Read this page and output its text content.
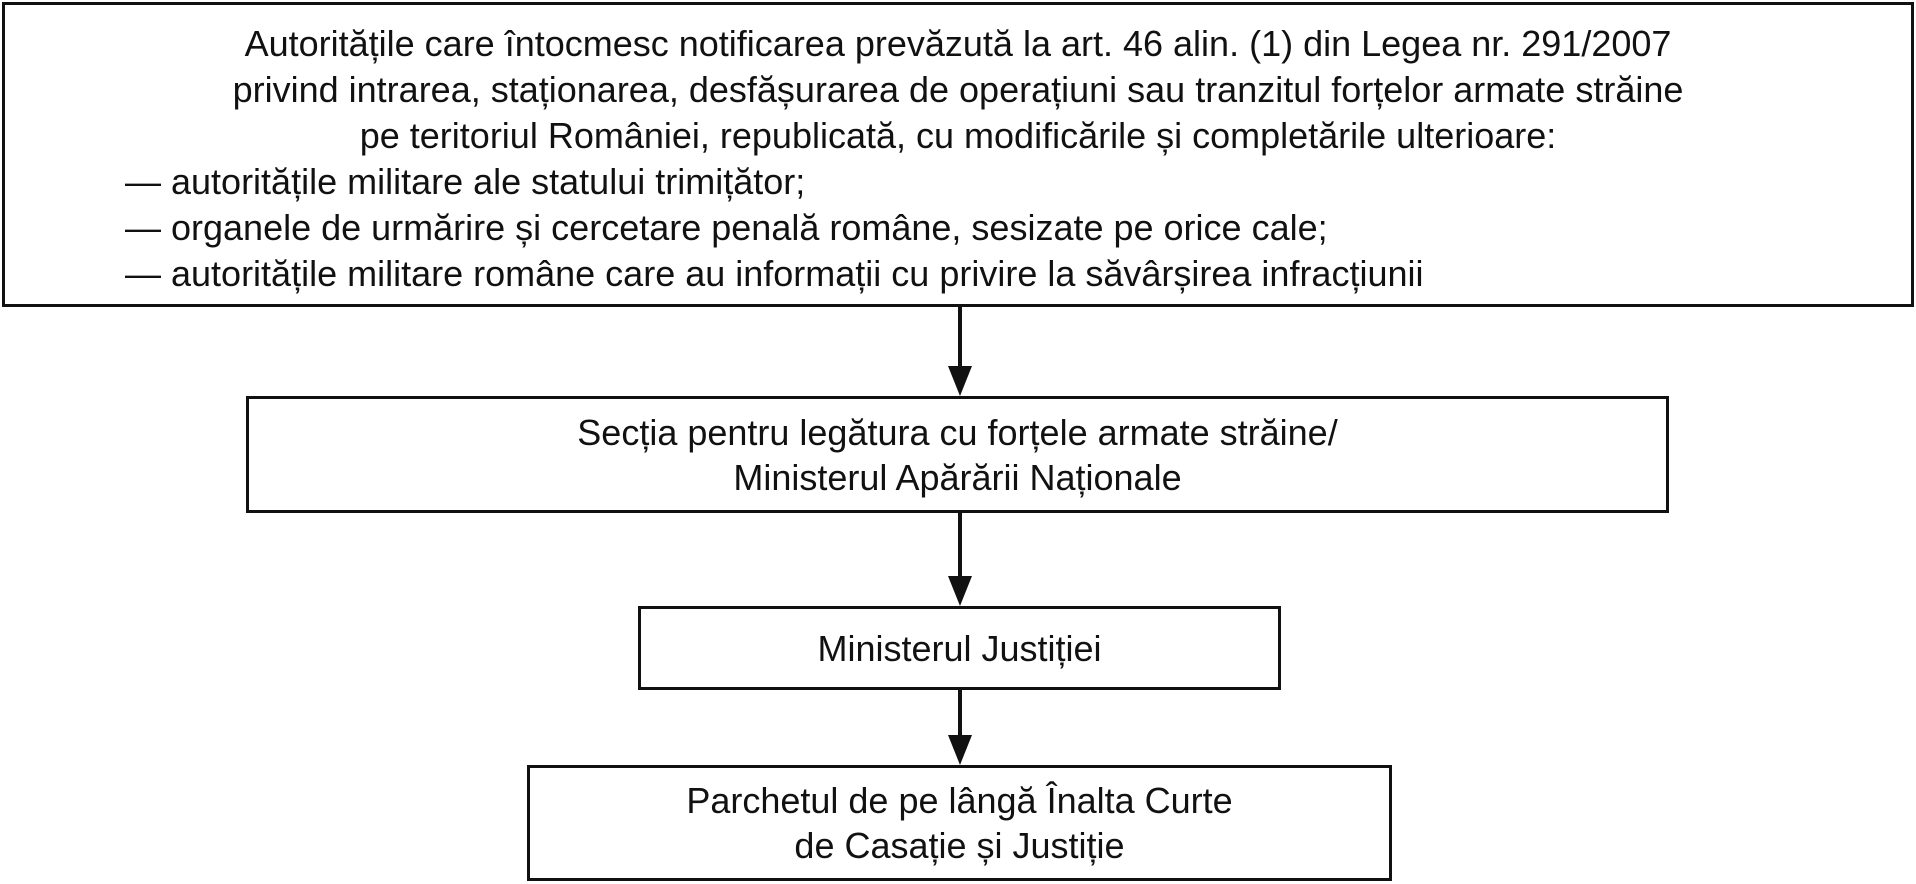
Autoritățile care întocmesc notificarea prevăzută la art. 46 alin. (1) din Legea nr. 291/2007
privind intrarea, staționarea, desfășurarea de operațiuni sau tranzitul forțelor armate străine
pe teritoriul României, republicată, cu modificările și completările ulterioare:
— autoritățile militare ale statului trimițător;
— organele de urmărire și cercetare penală române, sesizate pe orice cale;
— autoritățile militare române care au informații cu privire la săvârșirea infracțiunii
Secția pentru legătura cu forțele armate străine/
Ministerul Apărării Naționale
Ministerul Justiției
Parchetul de pe lângă Înalta Curte
de Casație și Justiție
